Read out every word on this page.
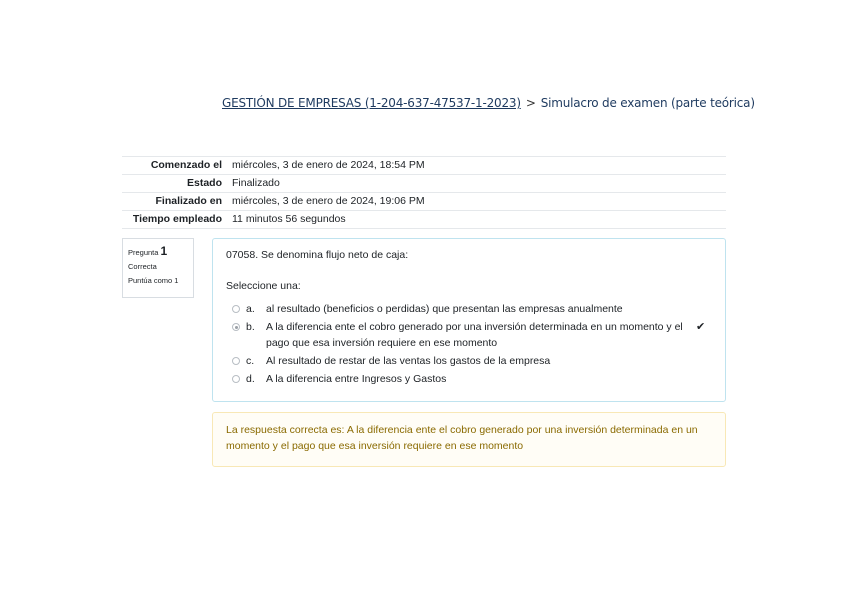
GESTIÓN DE EMPRESAS (1-204-637-47537-1-2023) > Simulacro de examen (parte teórica)
Comenzado el	miércoles, 3 de enero de 2024, 18:54 PM
Estado	Finalizado
Finalizado en	miércoles, 3 de enero de 2024, 19:06 PM
Tiempo empleado	11 minutos 56 segundos
Pregunta 1
Correcta
Puntúa como 1
07058. Se denomina flujo neto de caja:
Seleccione una:
a.	al resultado (beneficios o perdidas) que presentan las empresas anualmente
b.	A la diferencia ente el cobro generado por una inversión determinada en un momento y el pago que esa inversión requiere en ese momento
✔
c.	Al resultado de restar de las ventas los gastos de la empresa
d.	A la diferencia entre Ingresos y Gastos
La respuesta correcta es: A la diferencia ente el cobro generado por una inversión determinada en un momento y el pago que esa inversión requiere en ese momento
